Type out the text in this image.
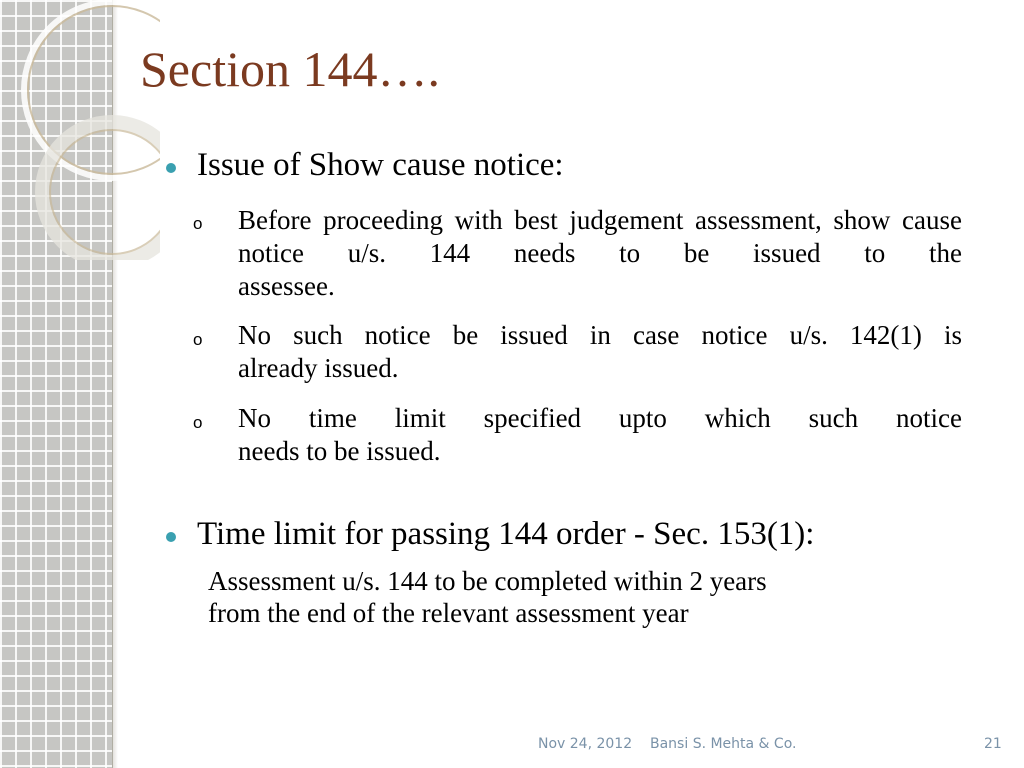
Section 144….
Issue of Show cause notice:
o Before proceeding with best judgement assessment, show cause notice u/s. 144 needs to be issued to the
assessee.
o No such notice be issued in case notice u/s. 142(1) is
already issued.
o No time limit specified upto which such notice
needs to be issued.
Time limit for passing 144 order - Sec. 153(1):
Assessment u/s. 144 to be completed within 2 years
from the end of the relevant assessment year
Nov 24, 2012 Bansi S. Mehta & Co.	21
